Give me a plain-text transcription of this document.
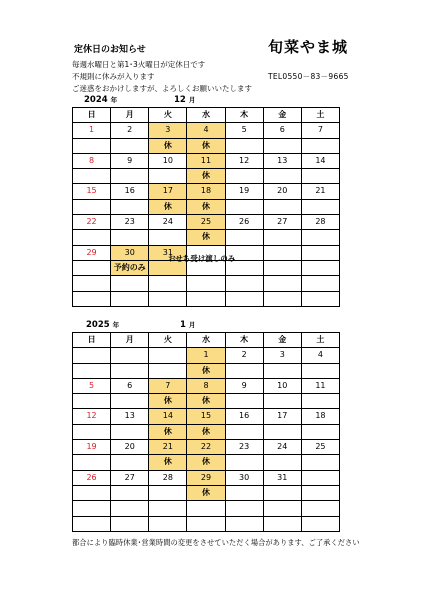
定休日のお知らせ	旬菜やま城
毎週水曜日と第1･3火曜日が定休日です
不規則に休みが入ります	TEL0550－83－9665
ご迷惑をおかけしますが、よろしくお願いいたします
2024 年	12 月
日	月	火	水	木	金	土
1	2	3	4	5	6	7
		休	休			
8	9	10	11	12	13	14
			休			
15	16	17	18	19	20	21
		休	休			
22	23	24	25	26	27	28
			休			
29	30	31				
	予約のみ					

おせち受け渡しのみ
2025 年	1 月
日	月	火	水	木	金	土
			1	2	3	4
			休			
5	6	7	8	9	10	11
		休	休			
12	13	14	15	16	17	18
		休	休			
19	20	21	22	23	24	25
		休	休			
26	27	28	29	30	31	
			休			

都合により臨時休業･営業時間の変更をさせていただく場合があります、ご了承ください
